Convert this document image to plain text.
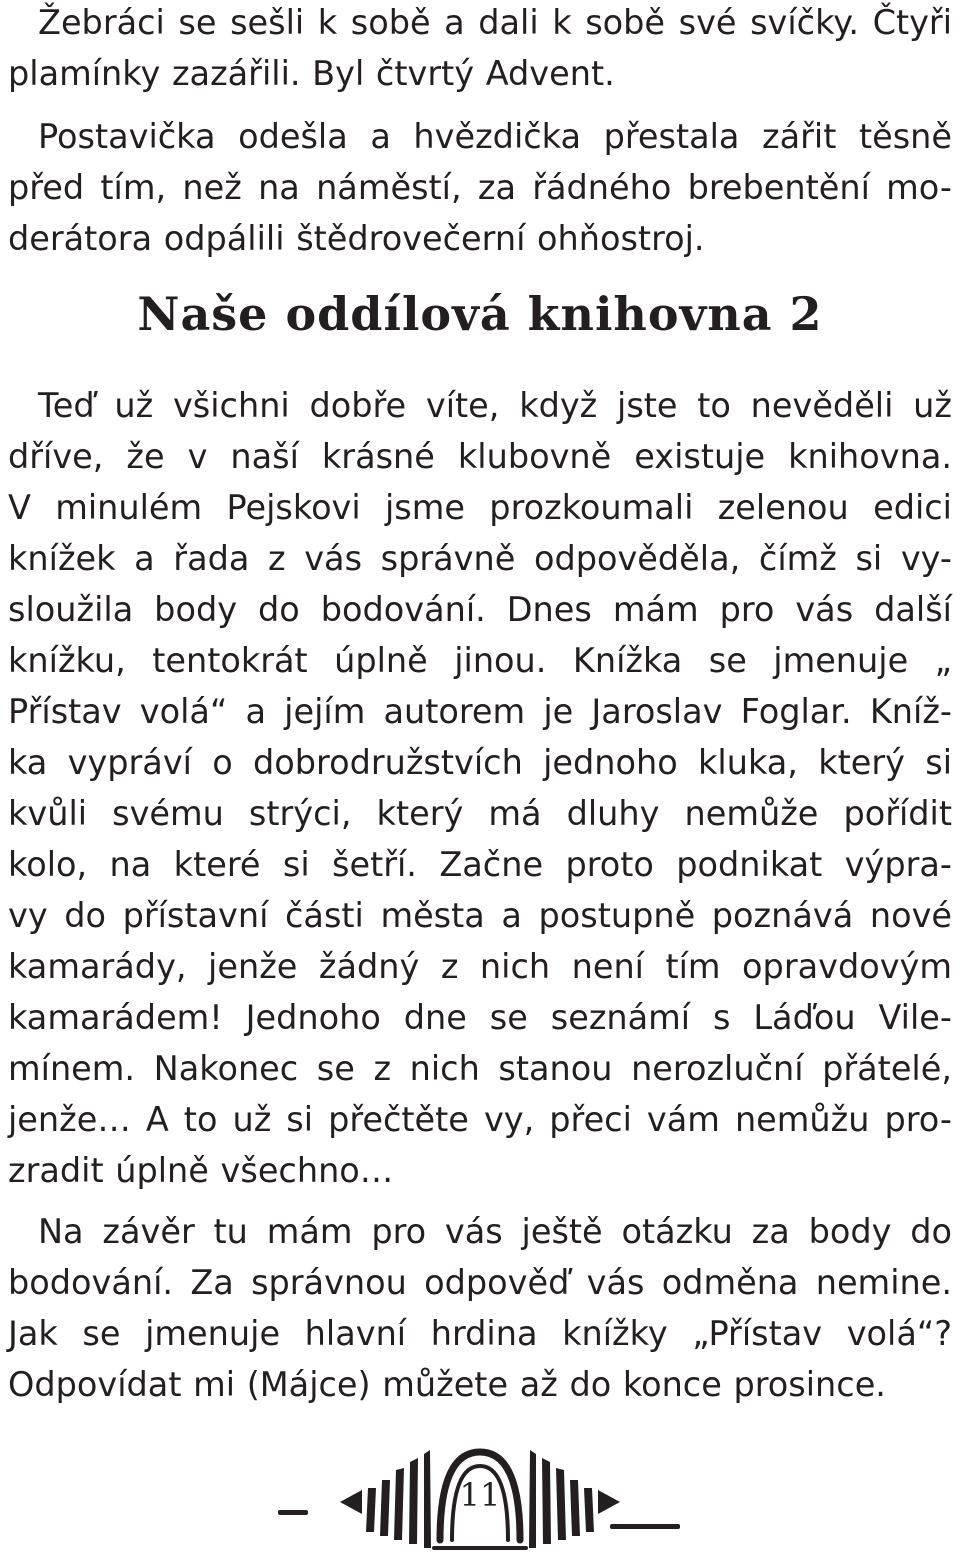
Žebráci se sešli k sobě a dali k sobě své svíčky. Čtyři
plamínky zazářili. Byl čtvrtý Advent.

Postavička odešla a hvězdička přestala zářit těsně
před tím, než na náměstí, za řádného brebentění mo-
derátora odpálili štědrovečerní ohňostroj.

Naše oddílová knihovna 2

Teď už všichni dobře víte, když jste to nevěděli už
dříve, že v naší krásné klubovně existuje knihovna.
V minulém Pejskovi jsme prozkoumali zelenou edici
knížek a řada z vás správně odpověděla, čímž si vy-
sloužila body do bodování. Dnes mám pro vás další
knížku, tentokrát úplně jinou. Knížka se jmenuje „
Přístav volá“ a jejím autorem je Jaroslav Foglar. Kníž-
ka vypráví o dobrodružstvích jednoho kluka, který si
kvůli svému strýci, který má dluhy nemůže pořídit
kolo, na které si šetří. Začne proto podnikat výpra-
vy do přístavní části města a postupně poznává nové
kamarády, jenže žádný z nich není tím opravdovým
kamarádem! Jednoho dne se seznámí s Láďou Vile-
mínem. Nakonec se z nich stanou nerozluční přátelé,
jenže… A to už si přečtěte vy, přeci vám nemůžu pro-
zradit úplně všechno…

Na závěr tu mám pro vás ještě otázku za body do
bodování. Za správnou odpověď vás odměna nemine.
Jak se jmenuje hlavní hrdina knížky „Přístav volá“?
Odpovídat mi (Májce) můžete až do konce prosince.

11
